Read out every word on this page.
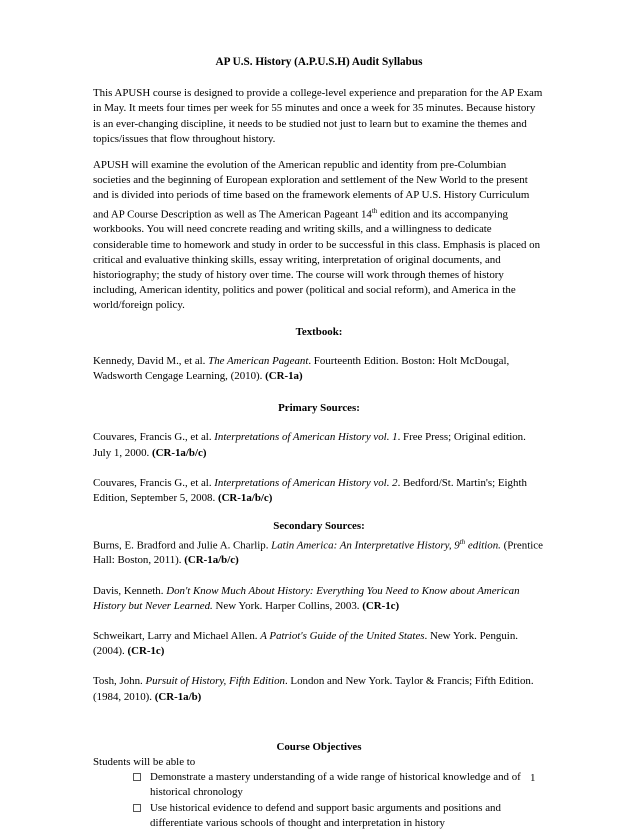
AP U.S. History (A.P.U.S.H) Audit Syllabus

This APUSH course is designed to provide a college-level experience and preparation for the AP Exam in May. It meets four times per week for 55 minutes and once a week for 35 minutes. Because history is an ever-changing discipline, it needs to be studied not just to learn but to examine the themes and topics/issues that flow throughout history.

APUSH will examine the evolution of the American republic and identity from pre-Columbian societies and the beginning of European exploration and settlement of the New World to the present and is divided into periods of time based on the framework elements of AP U.S. History Curriculum and AP Course Description as well as The American Pageant 14th edition and its accompanying workbooks. You will need concrete reading and writing skills, and a willingness to dedicate considerable time to homework and study in order to be successful in this class. Emphasis is placed on critical and evaluative thinking skills, essay writing, interpretation of original documents, and historiography; the study of history over time. The course will work through themes of history including, American identity, politics and power (political and social reform), and America in the world/foreign policy.

Textbook:

Kennedy, David M., et al. The American Pageant. Fourteenth Edition. Boston: Holt McDougal, Wadsworth Cengage Learning, (2010). (CR-1a)

Primary Sources:

Couvares, Francis G., et al. Interpretations of American History vol. 1. Free Press; Original edition. July 1, 2000. (CR-1a/b/c)

Couvares, Francis G., et al. Interpretations of American History vol. 2. Bedford/St. Martin's; Eighth Edition, September 5, 2008. (CR-1a/b/c)

Secondary Sources:

Burns, E. Bradford and Julie A. Charlip. Latin America: An Interpretative History, 9th edition. (Prentice Hall: Boston, 2011). (CR-1a/b/c)

Davis, Kenneth. Don't Know Much About History: Everything You Need to Know about American History but Never Learned. New York. Harper Collins, 2003. (CR-1c)

Schweikart, Larry and Michael Allen. A Patriot's Guide of the United States. New York. Penguin. (2004). (CR-1c)

Tosh, John. Pursuit of History, Fifth Edition. London and New York. Taylor & Francis; Fifth Edition. (1984, 2010). (CR-1a/b)

Course Objectives

Students will be able to

Demonstrate a mastery understanding of a wide range of historical knowledge and of historical chronology
Use historical evidence to defend and support basic arguments and positions and differentiate various schools of thought and interpretation in history
1
